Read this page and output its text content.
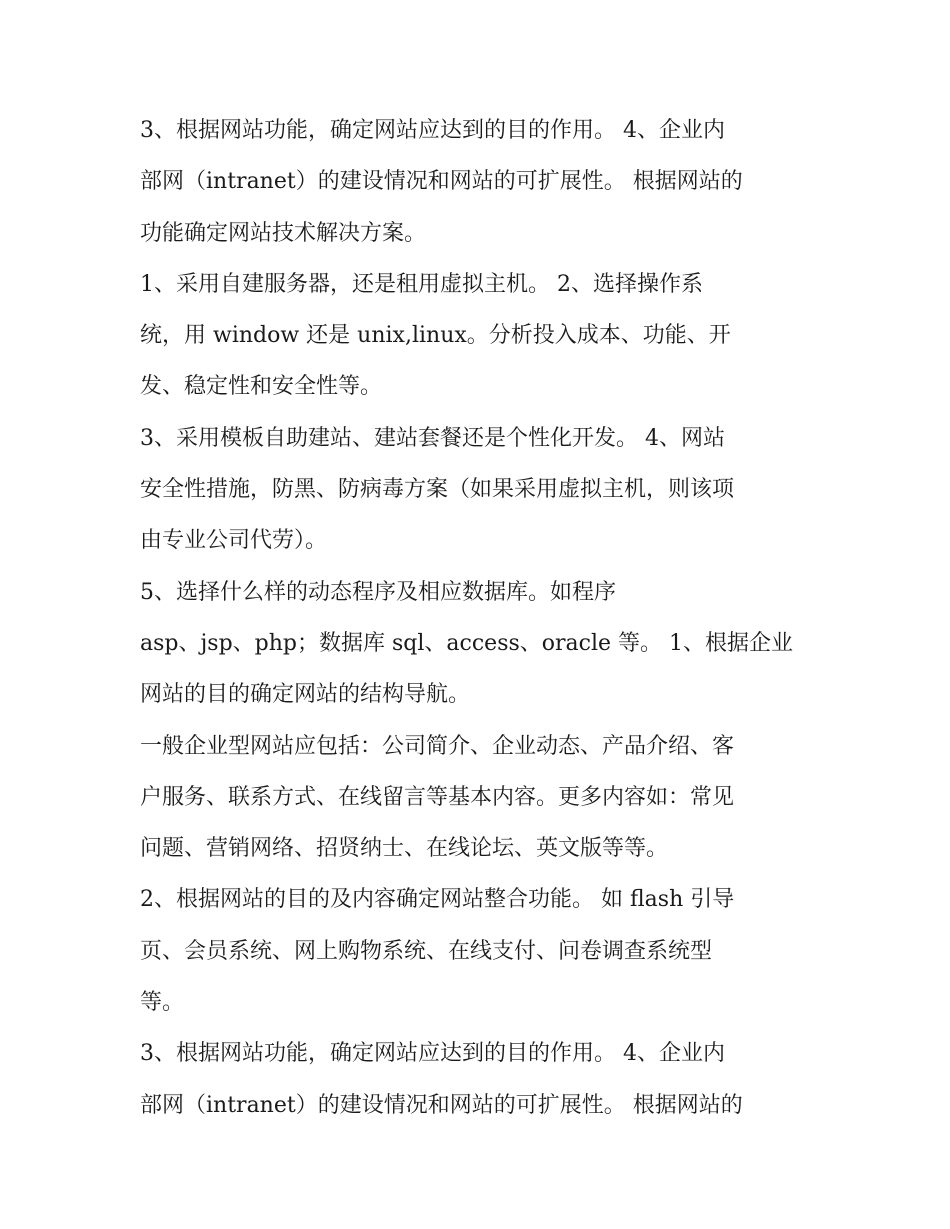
3、根据网站功能，确定网站应达到的目的作用。 4、企业内
部网（intranet）的建设情况和网站的可扩展性。 根据网站的
功能确定网站技术解决方案。
1、采用自建服务器，还是租用虚拟主机。 2、选择操作系
统，用 window 还是 unix,linux。分析投入成本、功能、开
发、稳定性和安全性等。
3、采用模板自助建站、建站套餐还是个性化开发。 4、网站
安全性措施，防黑、防病毒方案（如果采用虚拟主机，则该项
由专业公司代劳）。
5、选择什么样的动态程序及相应数据库。如程序
asp、jsp、php；数据库 sql、access、oracle 等。 1、根据企业
网站的目的确定网站的结构导航。
一般企业型网站应包括：公司简介、企业动态、产品介绍、客
户服务、联系方式、在线留言等基本内容。更多内容如：常见
问题、营销网络、招贤纳士、在线论坛、英文版等等。
2、根据网站的目的及内容确定网站整合功能。 如 flash 引导
页、会员系统、网上购物系统、在线支付、问卷调查系统型
等。
3、根据网站功能，确定网站应达到的目的作用。 4、企业内
部网（intranet）的建设情况和网站的可扩展性。 根据网站的
